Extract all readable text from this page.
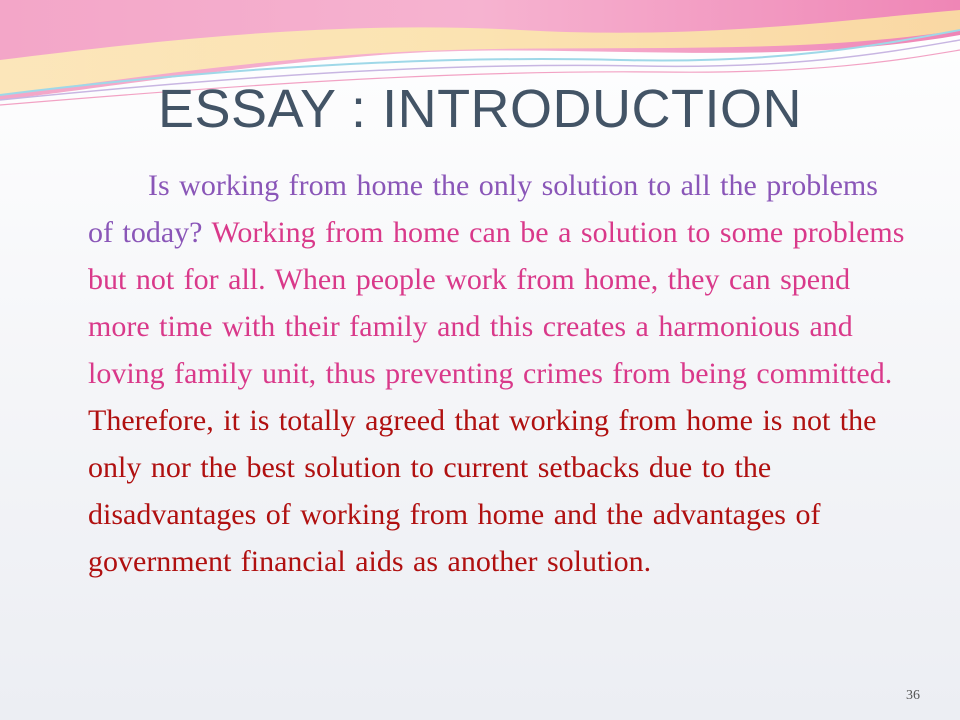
ESSAY : INTRODUCTION

Is working from home the only solution to all the problems of today? Working from home can be a solution to some problems but not for all. When people work from home, they can spend more time with their family and this creates a harmonious and loving family unit, thus preventing crimes from being committed. Therefore, it is totally agreed that working from home is not the only nor the best solution to current setbacks due to the disadvantages of working from home and the advantages of government financial aids as another solution.

36
